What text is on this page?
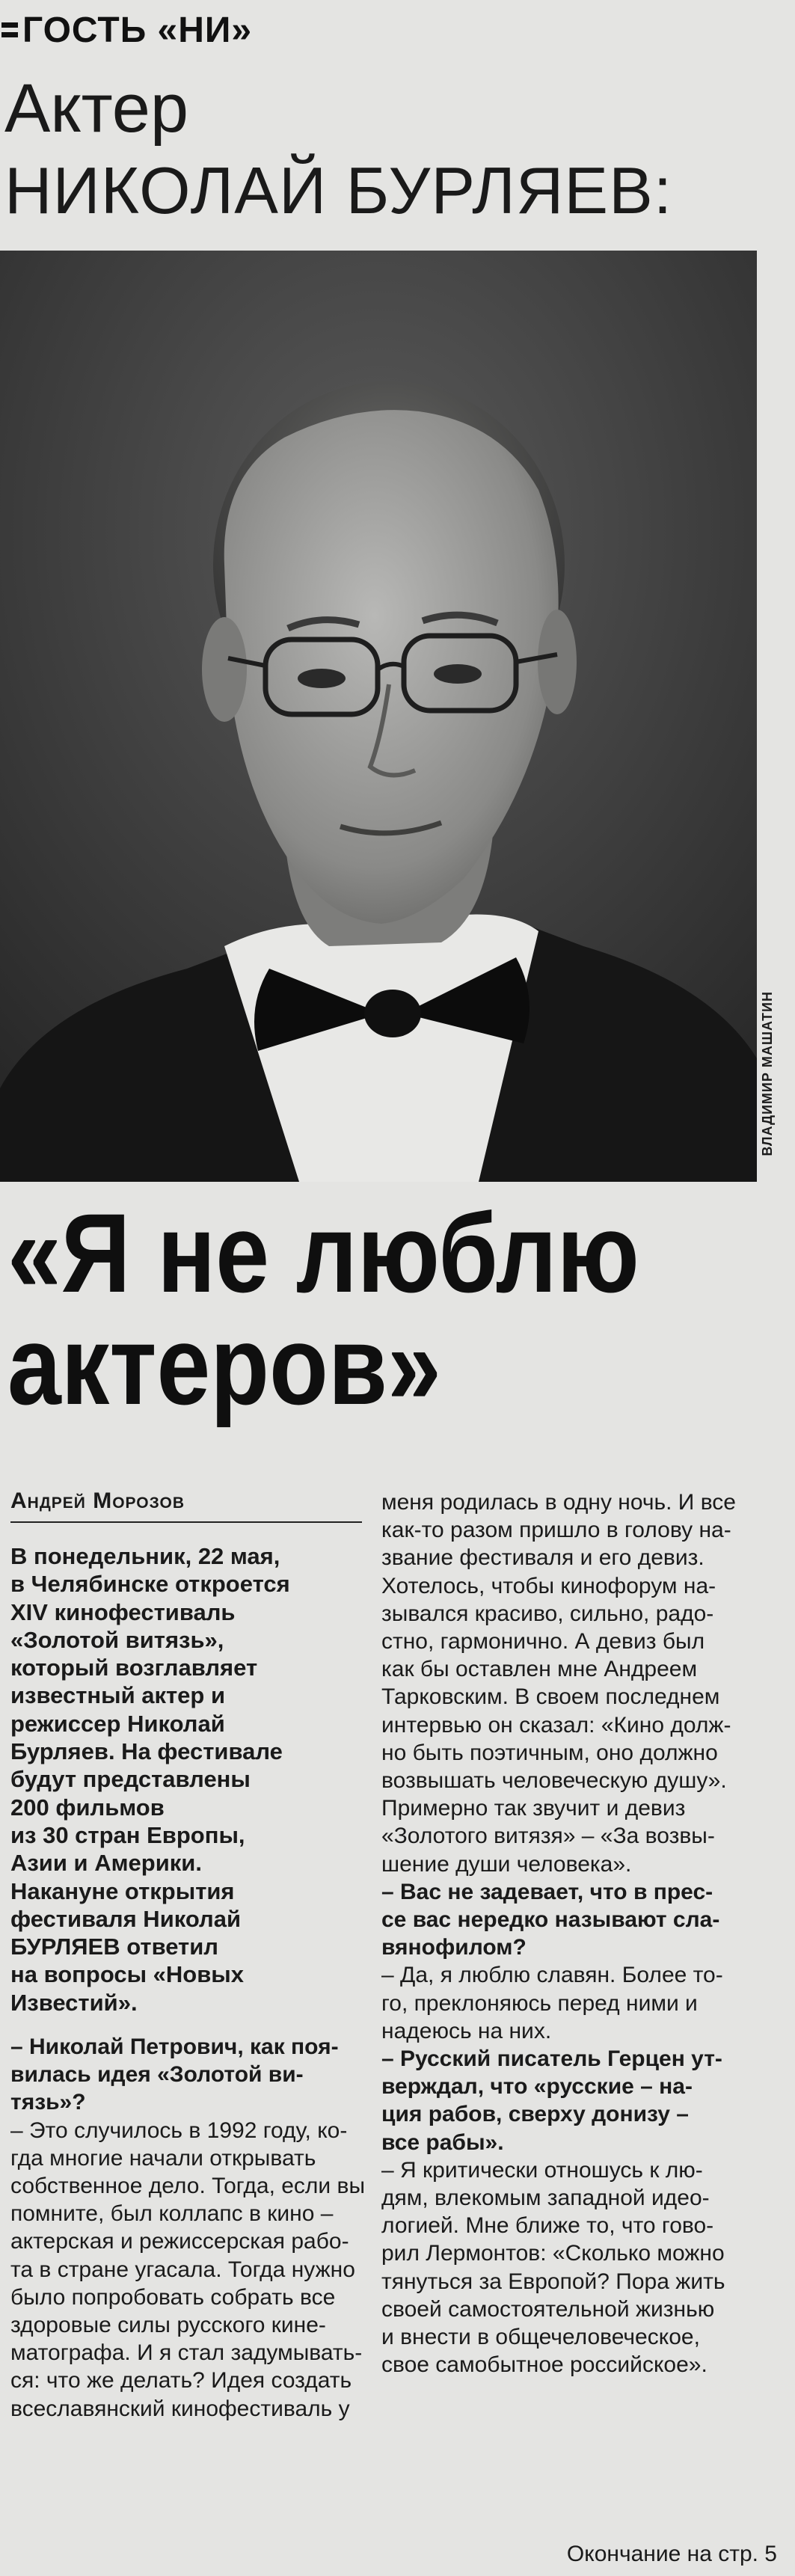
ГОСТЬ «НИ»
Актер
НИКОЛАЙ БУРЛЯЕВ:
ВЛАДИМИР МАШАТИН
«Я не люблю
актеров»
Андрей Морозов
В понедельник, 22 мая,
в Челябинске откроется
XIV кинофестиваль
«Золотой витязь»,
который возглавляет
известный актер и
режиссер Николай
Бурляев. На фестивале
будут представлены
200 фильмов
из 30 стран Европы,
Азии и Америки.
Накануне открытия
фестиваля Николай
БУРЛЯЕВ ответил
на вопросы «Новых
Известий».
– Николай Петрович, как поя-
вилась идея «Золотой ви-
тязь»?
– Это случилось в 1992 году, ко-
гда многие начали открывать
собственное дело. Тогда, если вы
помните, был коллапс в кино –
актерская и режиссерская рабо-
та в стране угасала. Тогда нужно
было попробовать собрать все
здоровые силы русского кине-
матографа. И я стал задумывать-
ся: что же делать? Идея создать
всеславянский кинофестиваль у
меня родилась в одну ночь. И все
как-то разом пришло в голову на-
звание фестиваля и его девиз.
Хотелось, чтобы кинофорум на-
зывался красиво, сильно, радо-
стно, гармонично. А девиз был
как бы оставлен мне Андреем
Тарковским. В своем последнем
интервью он сказал: «Кино долж-
но быть поэтичным, оно должно
возвышать человеческую душу».
Примерно так звучит и девиз
«Золотого витязя» – «За возвы-
шение души человека».
– Вас не задевает, что в прес-
се вас нередко называют сла-
вянофилом?
– Да, я люблю славян. Более то-
го, преклоняюсь перед ними и
надеюсь на них.
– Русский писатель Герцен ут-
верждал, что «русские – на-
ция рабов, сверху донизу –
все рабы».
– Я критически отношусь к лю-
дям, влекомым западной идео-
логией. Мне ближе то, что гово-
рил Лермонтов: «Сколько можно
тянуться за Европой? Пора жить
своей самостоятельной жизнью
и внести в общечеловеческое,
свое самобытное российское».
Окончание на стр. 5
